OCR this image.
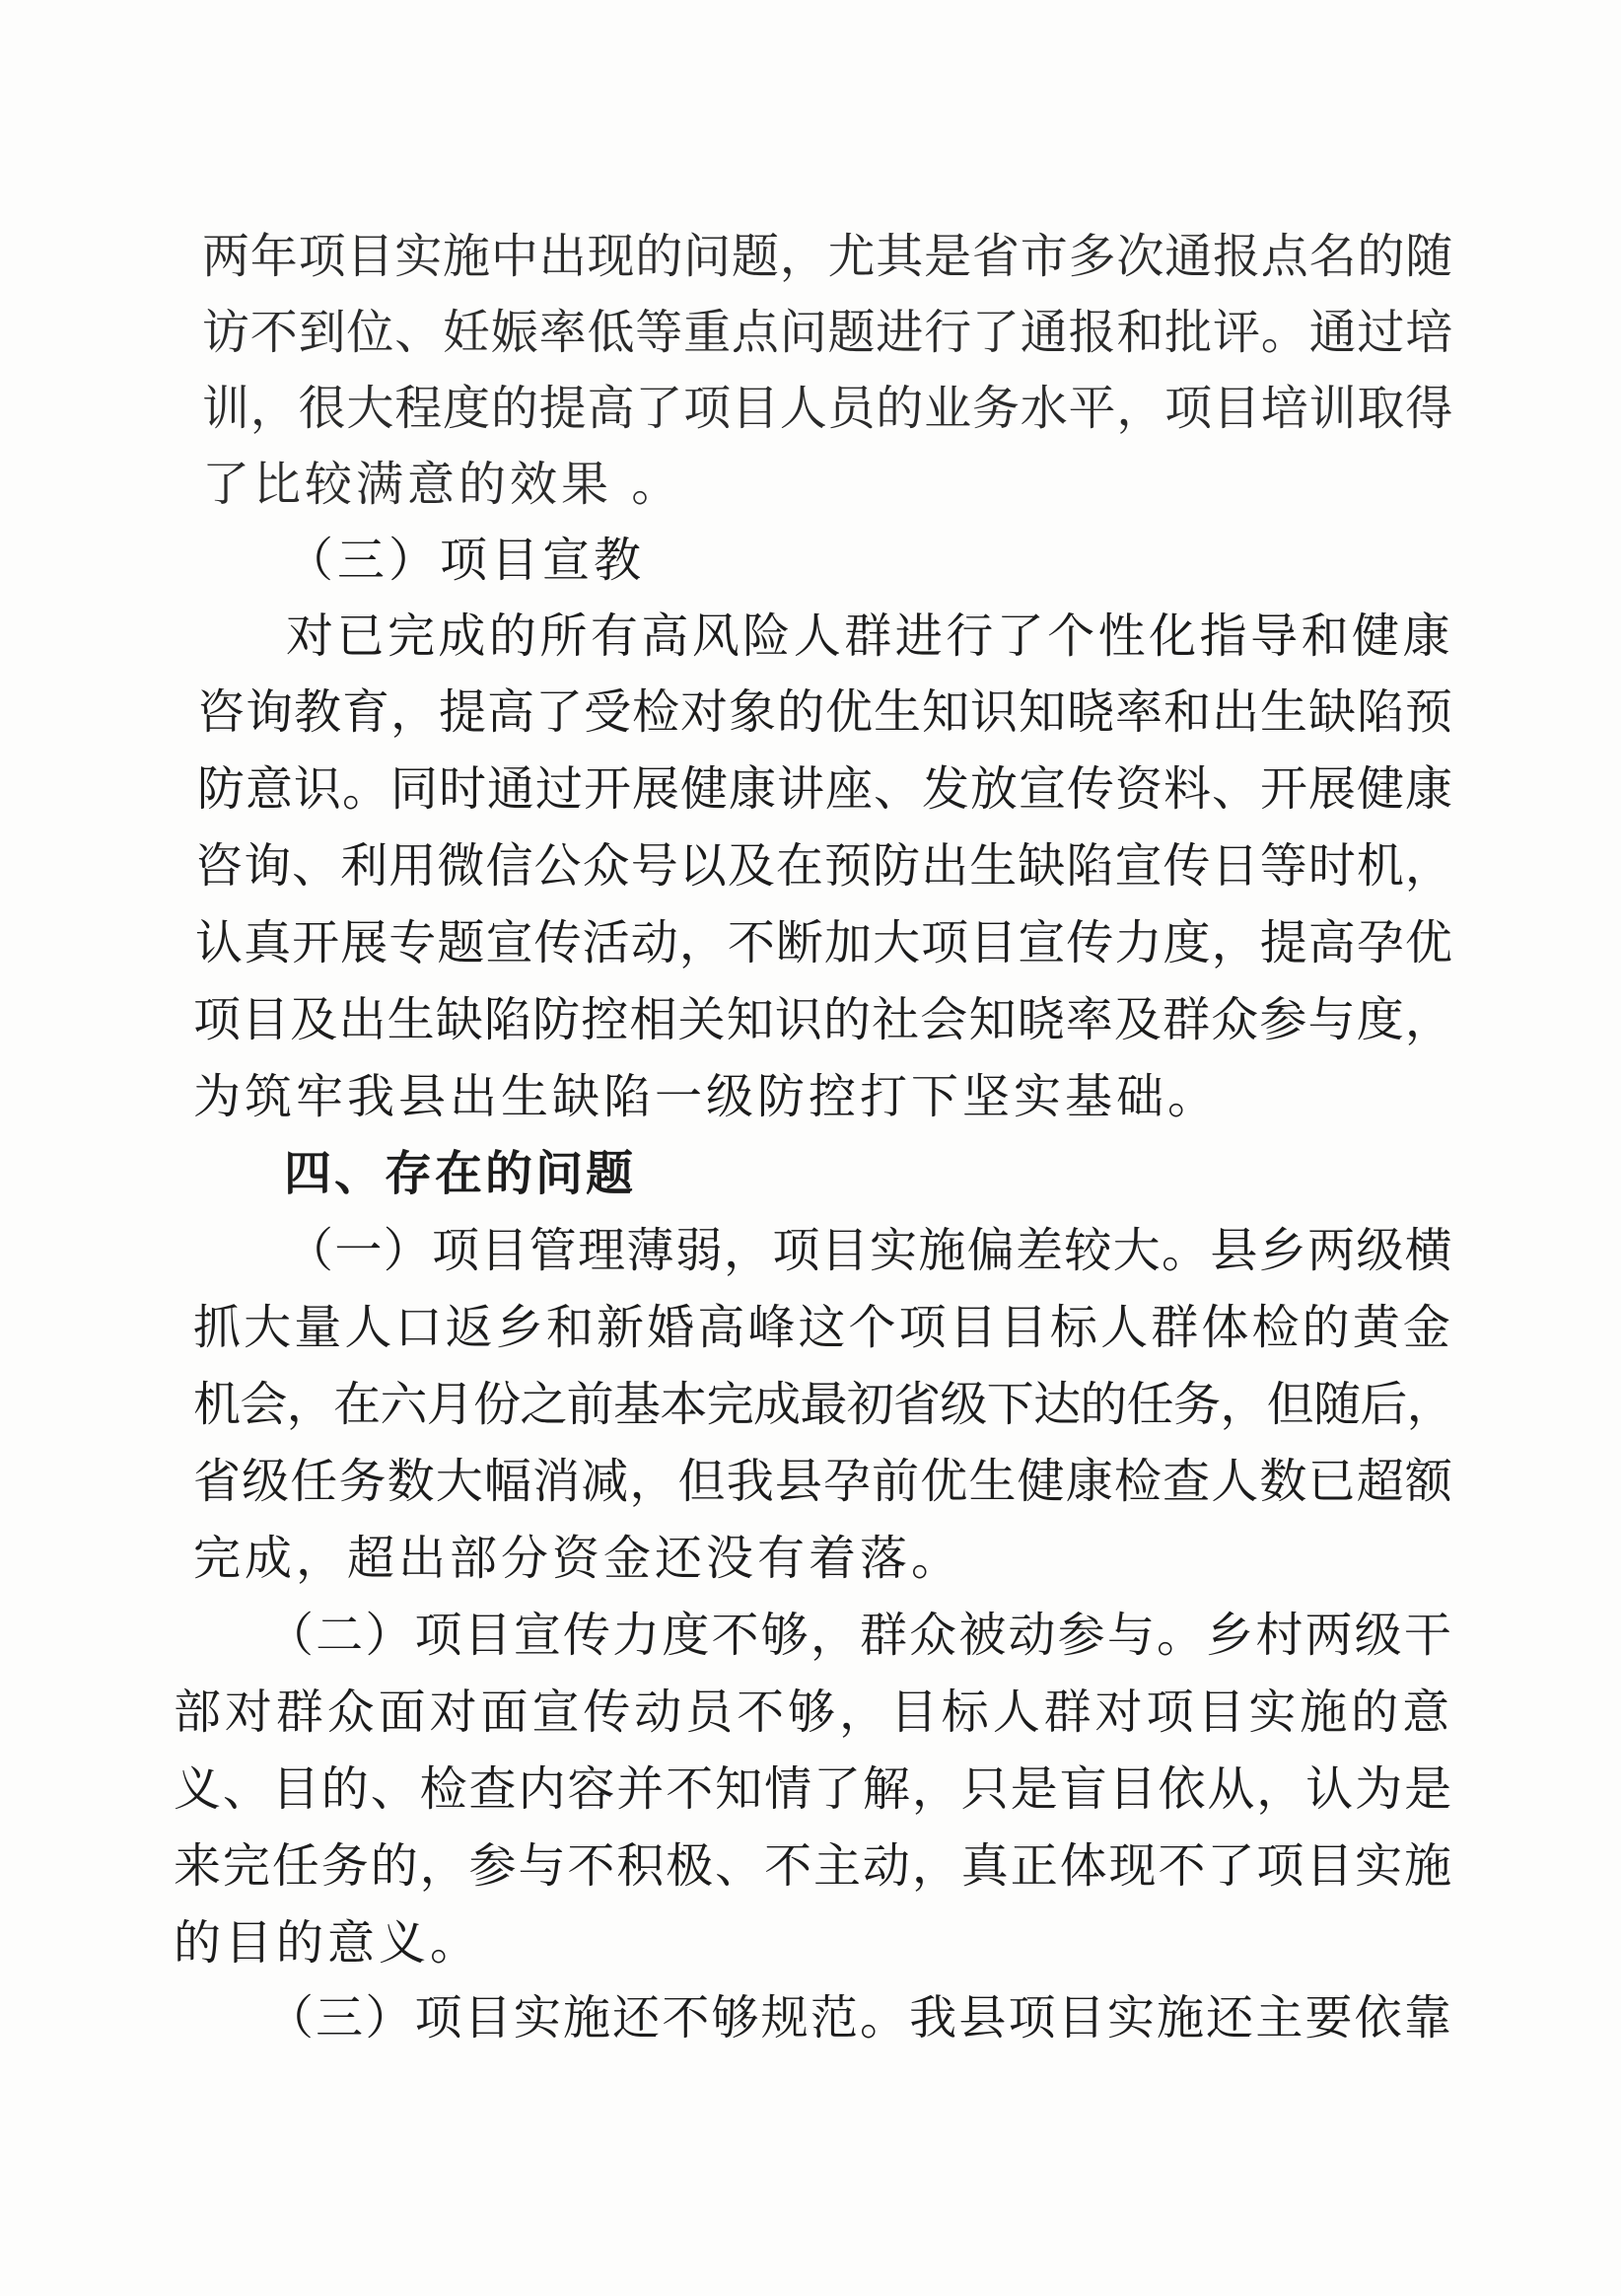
两年项目实施中出现的问题，尤其是省市多次通报点名的随
访不到位、妊娠率低等重点问题进行了通报和批评。通过培
训，很大程度的提高了项目人员的业务水平，项目培训取得
了比较满意的效果 。
（三）项目宣教
对已完成的所有高风险人群进行了个性化指导和健康
咨询教育，提高了受检对象的优生知识知晓率和出生缺陷预
防意识。同时通过开展健康讲座、发放宣传资料、开展健康
咨询、利用微信公众号以及在预防出生缺陷宣传日等时机，
认真开展专题宣传活动，不断加大项目宣传力度，提高孕优
项目及出生缺陷防控相关知识的社会知晓率及群众参与度，
为筑牢我县出生缺陷一级防控打下坚实基础。
四、存在的问题
（一）项目管理薄弱，项目实施偏差较大。县乡两级横
抓大量人口返乡和新婚高峰这个项目目标人群体检的黄金
机会，在六月份之前基本完成最初省级下达的任务，但随后，
省级任务数大幅消减，但我县孕前优生健康检查人数已超额
完成，超出部分资金还没有着落。
（二）项目宣传力度不够，群众被动参与。乡村两级干
部对群众面对面宣传动员不够，目标人群对项目实施的意
义、目的、检查内容并不知情了解，只是盲目依从，认为是
来完任务的，参与不积极、不主动，真正体现不了项目实施
的目的意义。
（三）项目实施还不够规范。我县项目实施还主要依靠
